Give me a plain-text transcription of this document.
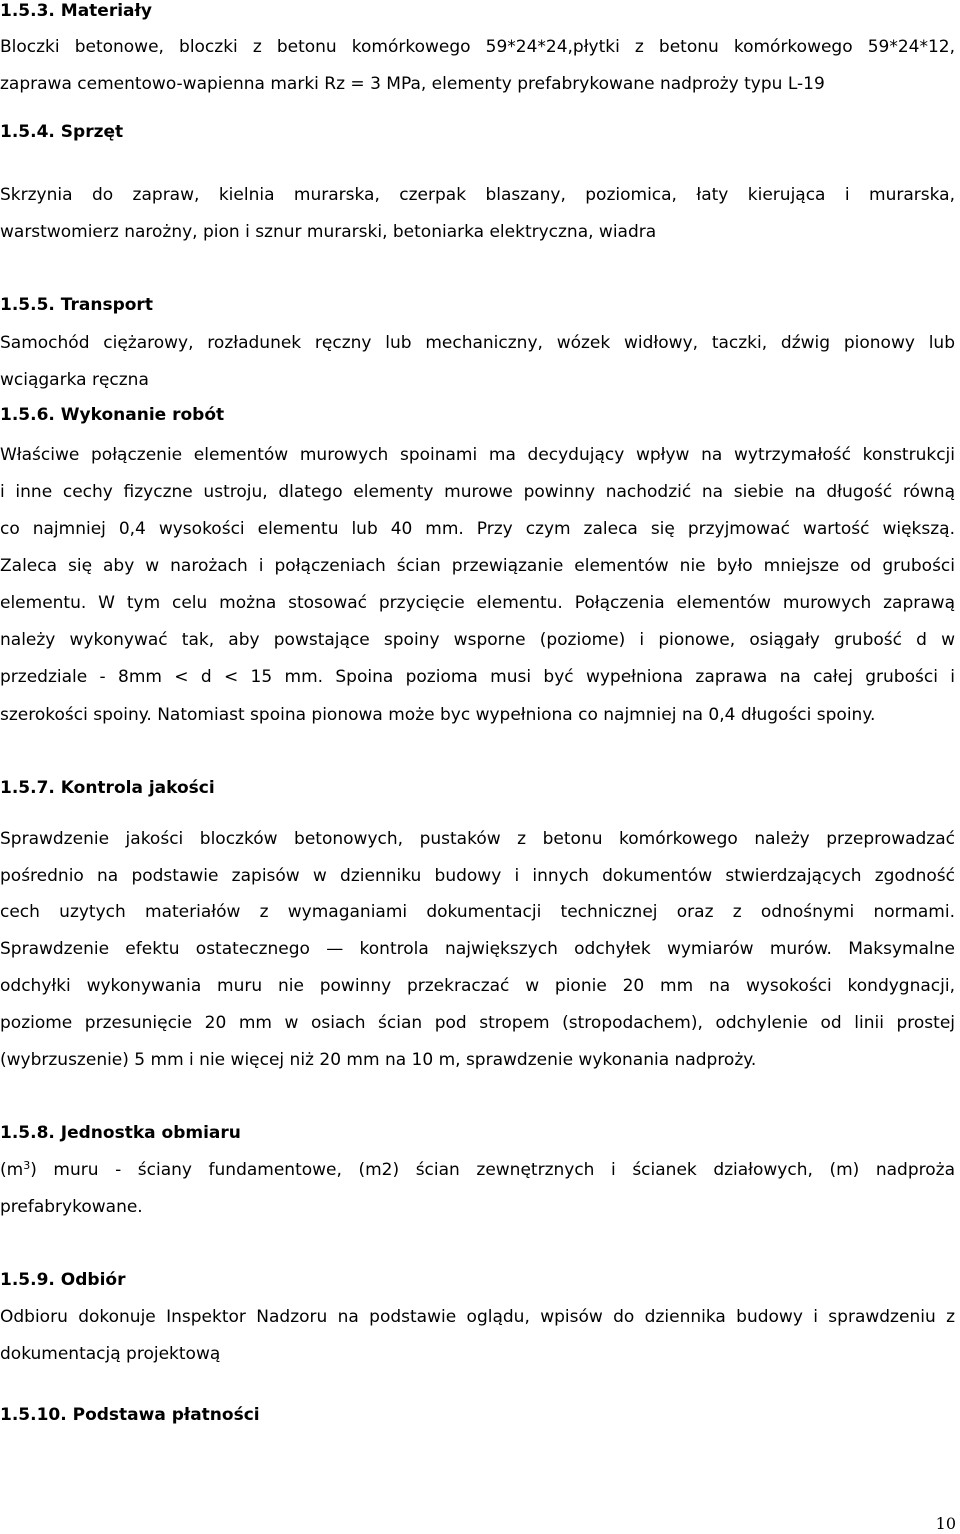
1.5.3. Materiały
Bloczki betonowe, bloczki z betonu komórkowego 59*24*24,płytki z betonu komórkowego 59*24*12,
zaprawa cementowo-wapienna marki Rz = 3 MPa, elementy prefabrykowane nadproży typu L-19
1.5.4. Sprzęt
Skrzynia do zapraw, kielnia murarska, czerpak blaszany, poziomica, łaty kierująca i murarska,
warstwomierz narożny, pion i sznur murarski, betoniarka elektryczna, wiadra
1.5.5. Transport
Samochód ciężarowy, rozładunek ręczny lub mechaniczny, wózek widłowy, taczki, dźwig pionowy lub
wciągarka ręczna
1.5.6. Wykonanie robót
Właściwe połączenie elementów murowych spoinami ma decydujący wpływ na wytrzymałość konstrukcji
i inne cechy fizyczne ustroju, dlatego elementy murowe powinny nachodzić na siebie na długość równą
co najmniej 0,4 wysokości elementu lub 40 mm. Przy czym zaleca się przyjmować wartość większą.
Zaleca się aby w narożach i połączeniach ścian przewiązanie elementów nie było mniejsze od grubości
elementu. W tym celu można stosować przycięcie elementu. Połączenia elementów murowych zaprawą
należy wykonywać tak, aby powstające spoiny wsporne (poziome) i pionowe, osiągały grubość d w
przedziale - 8mm < d < 15 mm. Spoina pozioma musi być wypełniona zaprawa na całej grubości i
szerokości spoiny. Natomiast spoina pionowa może byc wypełniona co najmniej na 0,4 długości spoiny.
1.5.7. Kontrola jakości
Sprawdzenie jakości bloczków betonowych, pustaków z betonu komórkowego należy przeprowadzać
pośrednio na podstawie zapisów w dzienniku budowy i innych dokumentów stwierdzających zgodność
cech uzytych materiałów z wymaganiami dokumentacji technicznej oraz z odnośnymi normami.
Sprawdzenie efektu ostatecznego — kontrola największych odchyłek wymiarów murów. Maksymalne
odchyłki wykonywania muru nie powinny przekraczać w pionie 20 mm na wysokości kondygnacji,
poziome przesunięcie 20 mm w osiach ścian pod stropem (stropodachem), odchylenie od linii prostej
(wybrzuszenie) 5 mm i nie więcej niż 20 mm na 10 m, sprawdzenie wykonania nadproży.
1.5.8. Jednostka obmiaru
$(m^3)$ muru - ściany fundamentowe, (m2) ścian zewnętrznych i ścianek działowych, (m) nadproża
prefabrykowane.
1.5.9. Odbiór
Odbioru dokonuje Inspektor Nadzoru na podstawie oglądu, wpisów do dziennika budowy i sprawdzeniu z
dokumentacją projektową
1.5.10. Podstawa płatności
10
